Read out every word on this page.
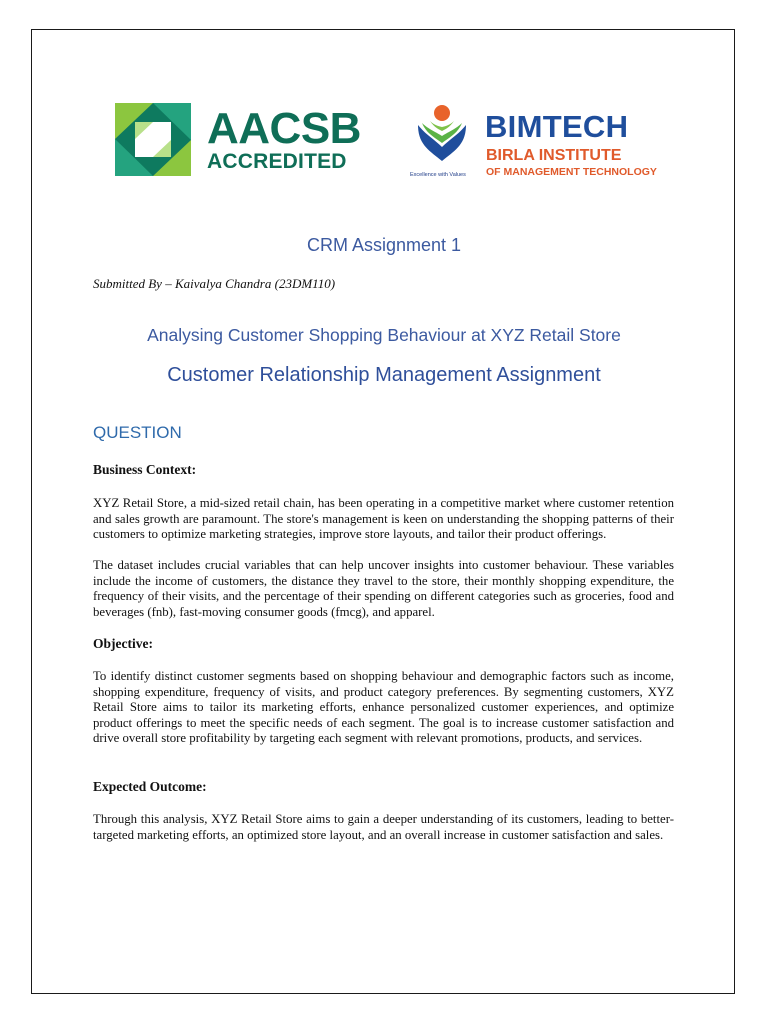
AACSB
ACCREDITED
Excellence with Values
BIMTECH
BIRLA INSTITUTE
OF MANAGEMENT TECHNOLOGY
CRM Assignment 1
Submitted By – Kaivalya Chandra (23DM110)
Analysing Customer Shopping Behaviour at XYZ Retail Store
Customer Relationship Management Assignment
QUESTION
Business Context:

XYZ Retail Store, a mid-sized retail chain, has been operating in a competitive market where customer retention and sales growth are paramount. The store's management is keen on understanding the shopping patterns of their customers to optimize marketing strategies, improve store layouts, and tailor their product offerings.

The dataset includes crucial variables that can help uncover insights into customer behaviour. These variables include the income of customers, the distance they travel to the store, their monthly shopping expenditure, the frequency of their visits, and the percentage of their spending on different categories such as groceries, food and beverages (fnb), fast-moving consumer goods (fmcg), and apparel.

Objective:

To identify distinct customer segments based on shopping behaviour and demographic factors such as income, shopping expenditure, frequency of visits, and product category preferences. By segmenting customers, XYZ Retail Store aims to tailor its marketing efforts, enhance personalized customer experiences, and optimize product offerings to meet the specific needs of each segment. The goal is to increase customer satisfaction and drive overall store profitability by targeting each segment with relevant promotions, products, and services.

Expected Outcome:

Through this analysis, XYZ Retail Store aims to gain a deeper understanding of its customers, leading to better-targeted marketing efforts, an optimized store layout, and an overall increase in customer satisfaction and sales.
